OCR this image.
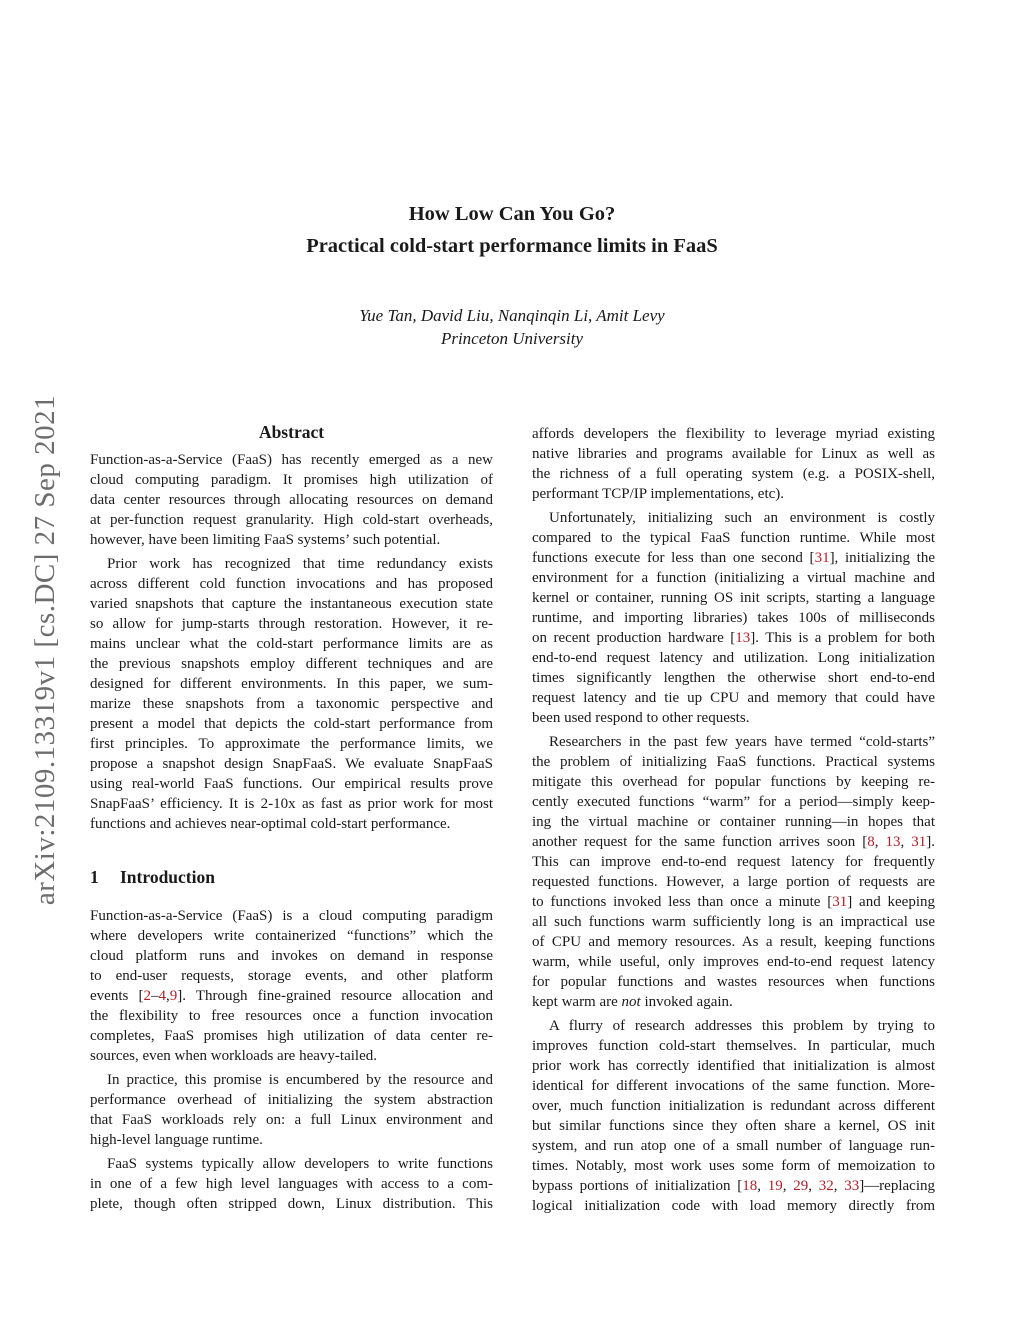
How Low Can You Go?
Practical cold-start performance limits in FaaS
Yue Tan, David Liu, Nanqinqin Li, Amit Levy
Princeton University
arXiv:2109.13319v1 [cs.DC] 27 Sep 2021	Abstract
Function-as-a-Service (FaaS) has recently emerged as a new
cloud computing paradigm. It promises high utilization of
data center resources through allocating resources on demand
at per-function request granularity. High cold-start overheads,
however, have been limiting FaaS systems’ such potential.
Prior work has recognized that time redundancy exists
across different cold function invocations and has proposed
varied snapshots that capture the instantaneous execution state
so allow for jump-starts through restoration. However, it re-
mains unclear what the cold-start performance limits are as
the previous snapshots employ different techniques and are
designed for different environments. In this paper, we sum-
marize these snapshots from a taxonomic perspective and
present a model that depicts the cold-start performance from
first principles. To approximate the performance limits, we
propose a snapshot design SnapFaaS. We evaluate SnapFaaS
using real-world FaaS functions. Our empirical results prove
SnapFaaS’ efficiency. It is 2-10x as fast as prior work for most
functions and achieves near-optimal cold-start performance.
1 Introduction
Function-as-a-Service (FaaS) is a cloud computing paradigm
where developers write containerized “functions” which the
cloud platform runs and invokes on demand in response
to end-user requests, storage events, and other platform
events [2–4,9]. Through fine-grained resource allocation and
the flexibility to free resources once a function invocation
completes, FaaS promises high utilization of data center re-
sources, even when workloads are heavy-tailed.
In practice, this promise is encumbered by the resource and
performance overhead of initializing the system abstraction
that FaaS workloads rely on: a full Linux environment and
high-level language runtime.
FaaS systems typically allow developers to write functions
in one of a few high level languages with access to a com-
plete, though often stripped down, Linux distribution. This
affords developers the flexibility to leverage myriad existing
native libraries and programs available for Linux as well as
the richness of a full operating system (e.g. a POSIX-shell,
performant TCP/IP implementations, etc).
Unfortunately, initializing such an environment is costly
compared to the typical FaaS function runtime. While most
functions execute for less than one second [31], initializing the
environment for a function (initializing a virtual machine and
kernel or container, running OS init scripts, starting a language
runtime, and importing libraries) takes 100s of milliseconds
on recent production hardware [13]. This is a problem for both
end-to-end request latency and utilization. Long initialization
times significantly lengthen the otherwise short end-to-end
request latency and tie up CPU and memory that could have
been used respond to other requests.
Researchers in the past few years have termed “cold-starts”
the problem of initializing FaaS functions. Practical systems
mitigate this overhead for popular functions by keeping re-
cently executed functions “warm” for a period—simply keep-
ing the virtual machine or container running—in hopes that
another request for the same function arrives soon [8, 13, 31].
This can improve end-to-end request latency for frequently
requested functions. However, a large portion of requests are
to functions invoked less than once a minute [31] and keeping
all such functions warm sufficiently long is an impractical use
of CPU and memory resources. As a result, keeping functions
warm, while useful, only improves end-to-end request latency
for popular functions and wastes resources when functions
kept warm are not invoked again.
A flurry of research addresses this problem by trying to
improves function cold-start themselves. In particular, much
prior work has correctly identified that initialization is almost
identical for different invocations of the same function. More-
over, much function initialization is redundant across different
but similar functions since they often share a kernel, OS init
system, and run atop one of a small number of language run-
times. Notably, most work uses some form of memoization to
bypass portions of initialization [18, 19, 29, 32, 33]—replacing
logical initialization code with load memory directly from
